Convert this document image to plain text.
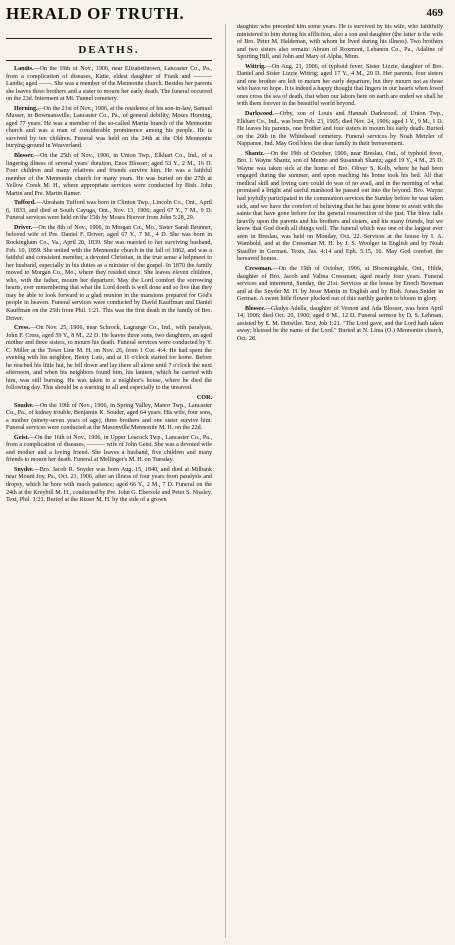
HERALD OF TRUTH.	469
DEATHS.

Landis.—On the 19th of Nov., 1906, near Elizabethtown, Lancaster Co., Pa., from a complication of diseases, Katie, eldest daughter of Frank and ——— Landis; aged ——. She was a member of the Mennonite church. Besides her parents she leaves three brothers and a sister to mourn her early death. The funeral occurred on the 23d. Interment at Mt. Tunnel cemetery.

Horning.—On the 21st of Nov., 1906, at the residence of his son-in-law, Samuel Musser, in Bowmansville, Lancaster Co., Pa., of general debility, Moses Horning, aged 77 years. He was a member of the so-called Martin branch of the Mennonite church and was a man of considerable prominence among his people. He is survived by ten children. Funeral was held on the 24th at the Old Mennonite burying-ground in Weaverland.

Blosser.—On the 25th of Nov., 1906, in Union Twp., Elkhart Co., Ind., of a lingering illness of several years' duration, Enos Blosser; aged 53 Y., 2 M., 16 D. Four children and many relatives and friends survive him. He was a faithful member of the Mennonite church for many years. He was buried on the 27th at Yellow Creek M. H., where appropriate services were conducted by Bish. John Martin and Pre. Martin Ramer.

Tufford.—Abraham Tufford was born in Clinton Twp., Lincoln Co., Ont., April 6, 1833, and died at South Cayuga, Ont., Nov. 13, 1906; aged 67 Y., 7 M., 9 D. Funeral services were held on the 15th by Moses Hoover from John 5:28, 29.

Driver.—On the 8th of Nov., 1906, in Morgan Co., Mo., Sister Sarah Brunner, beloved wife of Pre. Daniel F. Driver; aged 67 Y., 7 M., 4 D. She was born in Rockingham Co., Va., April 20, 1839. She was married to her surviving husband, Feb. 10, 1859. She united with the Mennonite church in the fall of 1862, and was a faithful and consistent member, a devoted Christian, in the true sense a helpmeet to her husband, especially in his duties as a minister of the gospel. In 1870 the family moved to Morgan Co., Mo., where they resided since. She leaves eleven children, who, with the father, mourn her departure. May the Lord comfort the sorrowing hearts, ever remembering that what the Lord doeth is well done and so live that they may be able to look forward to a glad reunion in the mansions prepared for God's people in heaven. Funeral services were conducted by David Kauffman and Daniel Kauffman on the 25th from Phil. 1:21. This was the first death in the family of Bro. Driver.

Cress.—On Nov. 25, 1906, near Schrock, Lagrange Co., Ind., with paralysis, John F. Cress, aged 59 Y., 8 M., 22 D. He leaves three sons, two daughters, an aged mother and three sisters, to mourn his death. Funeral services were conducted by Y. C. Miller at the Town Line M. H. on Nov. 26, from 1 Cor. 4:4. He had spent the evening with his neighbor, Henry Lutz, and at 11 o'clock started for home. Before he reached his little hut, he fell down and lay there all alone until 7 o'clock the next afternoon, and when his neighbors found him, his lantern, which he carried with him, was still burning. He was taken to a neighbor's house, where he died the following day. This should be a warning to all and especially to the unsaved.

COR.

Souder.—On the 19th of Nov., 1906, in Spring Valley, Manor Twp., Lancaster Co., Pa., of kidney trouble, Benjamin K. Souder, aged 64 years. His wife, four sons, a mother (ninety-seven years of age), three brothers and one sister survive him. Funeral services were conducted at the Masonville Mennonite M. H. on the 22d.

Geist.—On the 16th of Nov., 1906, in Upper Leacock Twp., Lancaster Co., Pa., from a complication of diseases, ——— wife of John Geist. She was a devoted wife and mother and a loving friend. She leaves a husband, five children and many friends to mourn her death. Funeral at Mellinger's M. H. on Tuesday.

Snyder.—Bro. Jacob R. Snyder was born Aug. 15, 1840, and died at Milbank near Mount Joy, Pa., Oct. 23, 1906, after an illness of four years from paralysis and dropsy, which he bore with much patience; aged 66 Y., 2 M., 7 D. Funeral on the 24th at the Kreybill M. H., conducted by Pre. John G. Ebersole and Peter S. Nissley. Text, Phil. 1:21. Buried at the Risser M. H. by the side of a grown

daughter who preceded him some years. He is survived by his wife, who faithfully ministered to him during his affliction, also a son and daughter (the latter is the wife of Bro. Peter M. Haldeman, with whom he lived during his illness). Two brothers and two sisters also remain: Abram of Roxmont, Lebanon Co., Pa., Adaline of Sporting Hill, and John and Mary of Alpha, Minn.

Wittrig.—On Aug. 21, 1906, of typhoid fever, Sister Lizzie, daughter of Bro. Daniel and Sister Lizzie Wittrig; aged 17 Y., 4 M., 20 D. Her parents, four sisters and one brother are left to mourn her early departure, but they mourn not as those who have no hope. It is indeed a happy thought that lingers in our hearts when loved ones cross the sea of death, that when our labors here on earth are ended we shall be with them forever in the beautiful world beyond.

Darkwood.—Orby, son of Louis and Hannah Darkwood, of Union Twp., Elkhart Co., Ind., was born Feb. 23, 1905; died Nov. 24, 1906; aged 1 Y., 9 M., 1 D. He leaves his parents, one brother and four sisters to mourn his early death. Buried on the 26th in the Whitehead cemetery. Funeral services by Noah Metzler of Nappanee, Ind. May God bless the dear family in their bereavement.

Shantz.—On the 19th of October, 1906, near Breslau, Ont., of typhoid fever, Bro. J. Wayne Shantz, son of Menno and Susannah Shantz; aged 19 Y., 4 M., 25 D. Wayne was taken sick at the home of Bro. Oliver S. Kolb, where he had been engaged during the summer, and upon reaching his home took his bed. All that medical skill and loving care could do was of no avail, and in the morning of what promised a bright and useful manhood he passed out into the beyond. Bro. Wayne had joyfully participated in the communion services the Sunday before he was taken sick, and we have the comfort of believing that he has gone home to await with the saints that have gone before for the general resurrection of the just. The blow falls heavily upon the parents and his brothers and sisters, and his many friends, but we know that God doeth all things well. The funeral which was one of the largest ever seen in Breslau, was held on Monday, Oct. 22. Services at the house by I. A. Wambold, and at the Cressman M. H. by J. S. Woolger in English and by Noah Stauffer in German. Texts, Jas. 4:14 and Eph. 5:15, 16. May God comfort the bereaved homes.

Cressman.—On the 19th of October, 1906, at Bloomingdale, Ont., Hilda, daughter of Bro. Jacob and Valina Cressman; aged nearly four years. Funeral services and interment, Sunday, the 21st. Services at the house by Enoch Bowman and at the Snyder M. H. by Jesse Martin in English and by Bish. Jonas Snider in German. A sweet little flower plucked out of this earthly garden to bloom in glory.

Blosser.—Gladys Adella, daughter of Vernon and Ada Blosser, was born April 14, 1906; died Oct. 26, 1906; aged 6 M., 12 D. Funeral sermon by D. S. Lehman, assisted by E. M. Detwiler. Text, Job 1:21. "The Lord gave, and the Lord hath taken away; blessed be the name of the Lord." Buried at N. Lima (O.) Mennonite church, Oct. 28.
